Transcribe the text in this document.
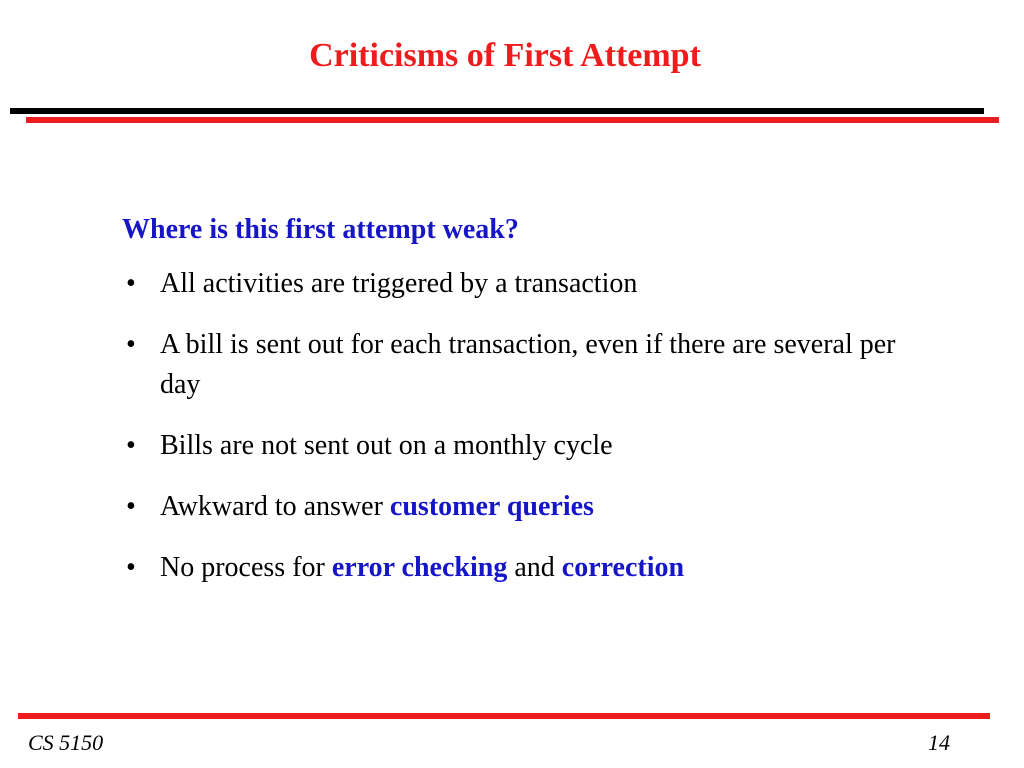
Criticisms of First Attempt

Where is this first attempt weak?

• All activities are triggered by a transaction
• A bill is sent out for each transaction, even if there are several per day
• Bills are not sent out on a monthly cycle
• Awkward to answer customer queries
• No process for error checking and correction
CS 5150	14
